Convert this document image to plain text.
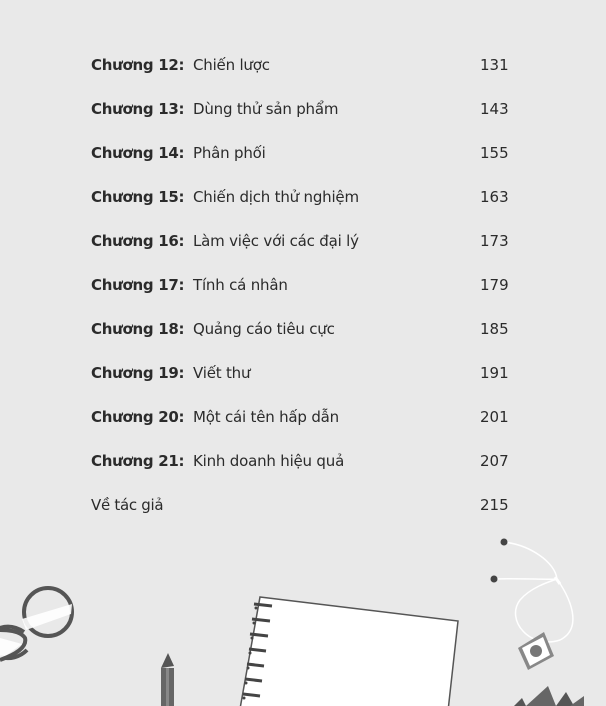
Chương 12: Chiến lược	131
Chương 13: Dùng thử sản phẩm	143
Chương 14: Phân phối	155
Chương 15: Chiến dịch thử nghiệm	163
Chương 16: Làm việc với các đại lý	173
Chương 17: Tính cá nhân	179
Chương 18: Quảng cáo tiêu cực	185
Chương 19: Viết thư	191
Chương 20: Một cái tên hấp dẫn	201
Chương 21: Kinh doanh hiệu quả	207
Về tác giả	215
